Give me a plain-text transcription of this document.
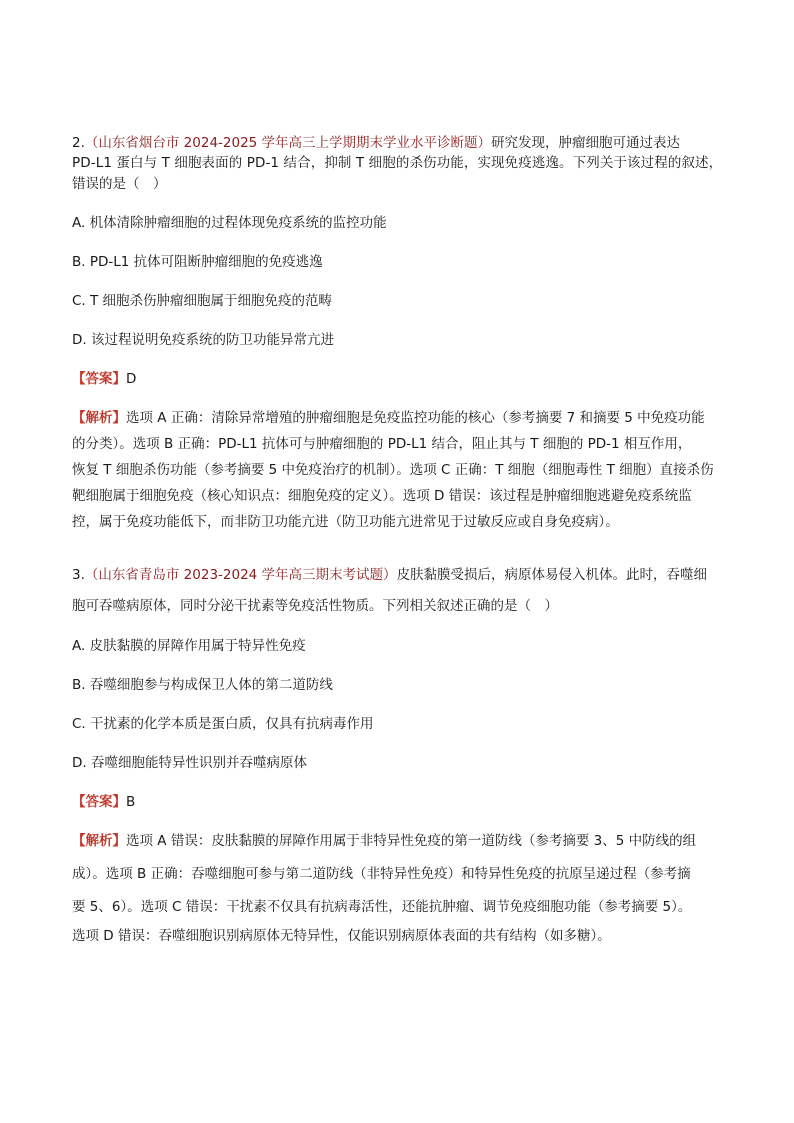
2.（山东省烟台市 2024-2025 学年高三上学期期末学业水平诊断题）研究发现，肿瘤细胞可通过表达
PD-L1 蛋白与 T 细胞表面的 PD-1 结合，抑制 T 细胞的杀伤功能，实现免疫逃逸。下列关于该过程的叙述，
错误的是（　）
A. 机体清除肿瘤细胞的过程体现免疫系统的监控功能
B. PD-L1 抗体可阻断肿瘤细胞的免疫逃逸
C. T 细胞杀伤肿瘤细胞属于细胞免疫的范畴
D. 该过程说明免疫系统的防卫功能异常亢进
【答案】D
【解析】选项 A 正确：清除异常增殖的肿瘤细胞是免疫监控功能的核心（参考摘要 7 和摘要 5 中免疫功能
的分类）。选项 B 正确：PD-L1 抗体可与肿瘤细胞的 PD-L1 结合，阻止其与 T 细胞的 PD-1 相互作用，
恢复 T 细胞杀伤功能（参考摘要 5 中免疫治疗的机制）。选项 C 正确：T 细胞（细胞毒性 T 细胞）直接杀伤
靶细胞属于细胞免疫（核心知识点：细胞免疫的定义）。选项 D 错误：该过程是肿瘤细胞逃避免疫系统监
控，属于免疫功能低下，而非防卫功能亢进（防卫功能亢进常见于过敏反应或自身免疫病）。
3.（山东省青岛市 2023-2024 学年高三期末考试题）皮肤黏膜受损后，病原体易侵入机体。此时，吞噬细
胞可吞噬病原体，同时分泌干扰素等免疫活性物质。下列相关叙述正确的是（　）
A. 皮肤黏膜的屏障作用属于特异性免疫
B. 吞噬细胞参与构成保卫人体的第二道防线
C. 干扰素的化学本质是蛋白质，仅具有抗病毒作用
D. 吞噬细胞能特异性识别并吞噬病原体
【答案】B
【解析】选项 A 错误：皮肤黏膜的屏障作用属于非特异性免疫的第一道防线（参考摘要 3、5 中防线的组
成）。选项 B 正确：吞噬细胞可参与第二道防线（非特异性免疫）和特异性免疫的抗原呈递过程（参考摘
要 5、6）。选项 C 错误：干扰素不仅具有抗病毒活性，还能抗肿瘤、调节免疫细胞功能（参考摘要 5）。
选项 D 错误：吞噬细胞识别病原体无特异性，仅能识别病原体表面的共有结构（如多糖）。
